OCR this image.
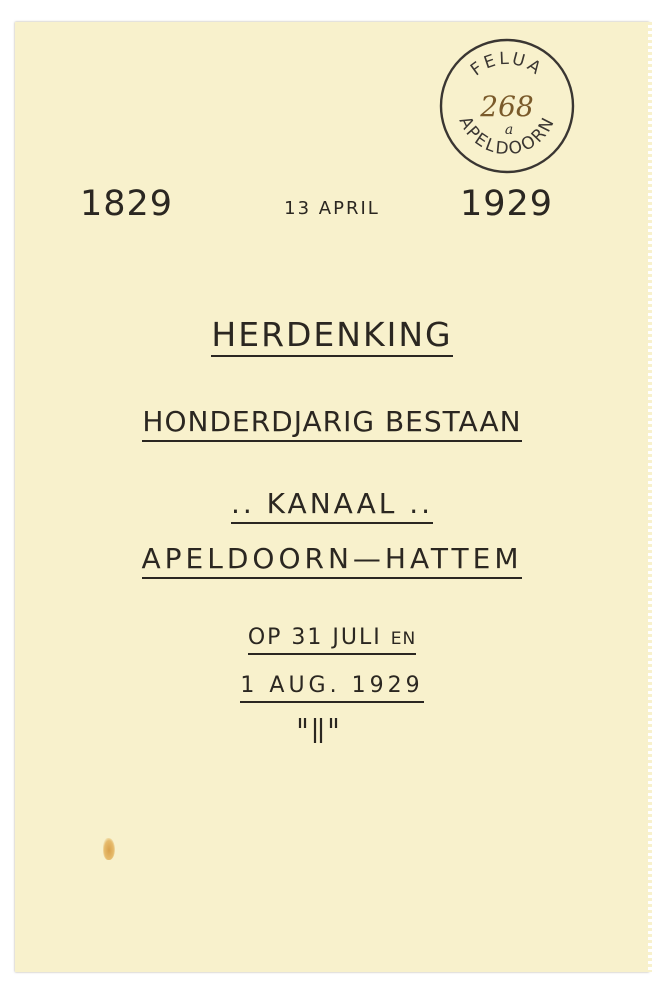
1829	13 APRIL	1929
HERDENKING
HONDERDJARIG BESTAAN
.. KANAAL ..
APELDOORN—HATTEM
OP 31 JULI EN
1 AUG. 1929
FELUA
APELDOORN
268
a
